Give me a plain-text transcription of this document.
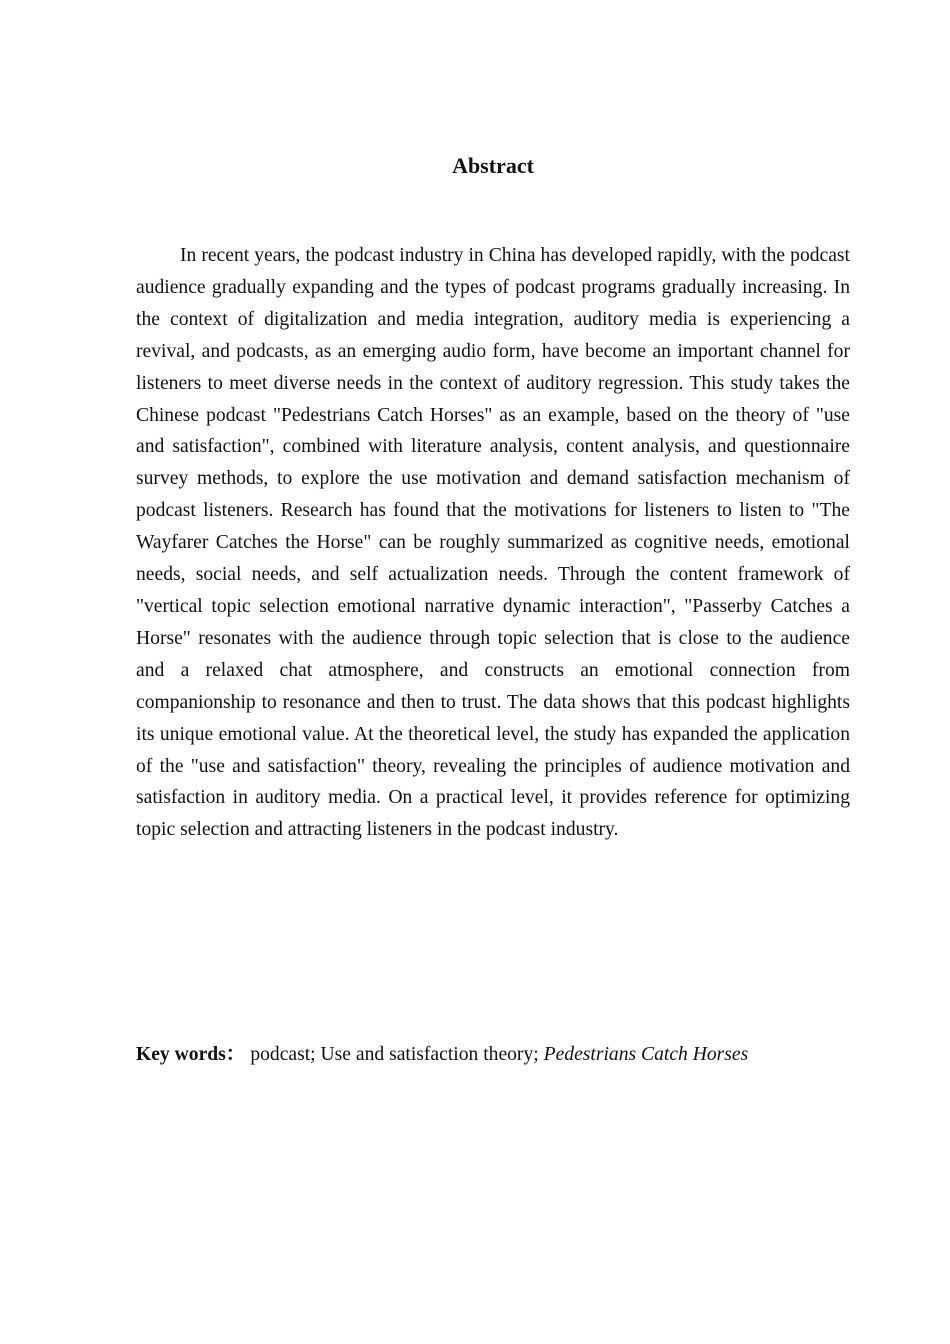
Abstract

In recent years, the podcast industry in China has developed rapidly, with the podcast audience gradually expanding and the types of podcast programs gradually increasing. In the context of digitalization and media integration, auditory media is experiencing a revival, and podcasts, as an emerging audio form, have become an important channel for listeners to meet diverse needs in the context of auditory regression. This study takes the Chinese podcast "Pedestrians Catch Horses" as an example, based on the theory of "use and satisfaction", combined with literature analysis, content analysis, and questionnaire survey methods, to explore the use motivation and demand satisfaction mechanism of podcast listeners. Research has found that the motivations for listeners to listen to "The Wayfarer Catches the Horse" can be roughly summarized as cognitive needs, emotional needs, social needs, and self actualization needs. Through the content framework of "vertical topic selection emotional narrative dynamic interaction", "Passerby Catches a Horse" resonates with the audience through topic selection that is close to the audience and a relaxed chat atmosphere, and constructs an emotional connection from companionship to resonance and then to trust. The data shows that this podcast highlights its unique emotional value. At the theoretical level, the study has expanded the application of the "use and satisfaction" theory, revealing the principles of audience motivation and satisfaction in auditory media. On a practical level, it provides reference for optimizing topic selection and attracting listeners in the podcast industry.

Key words： podcast; Use and satisfaction theory; Pedestrians Catch Horses
